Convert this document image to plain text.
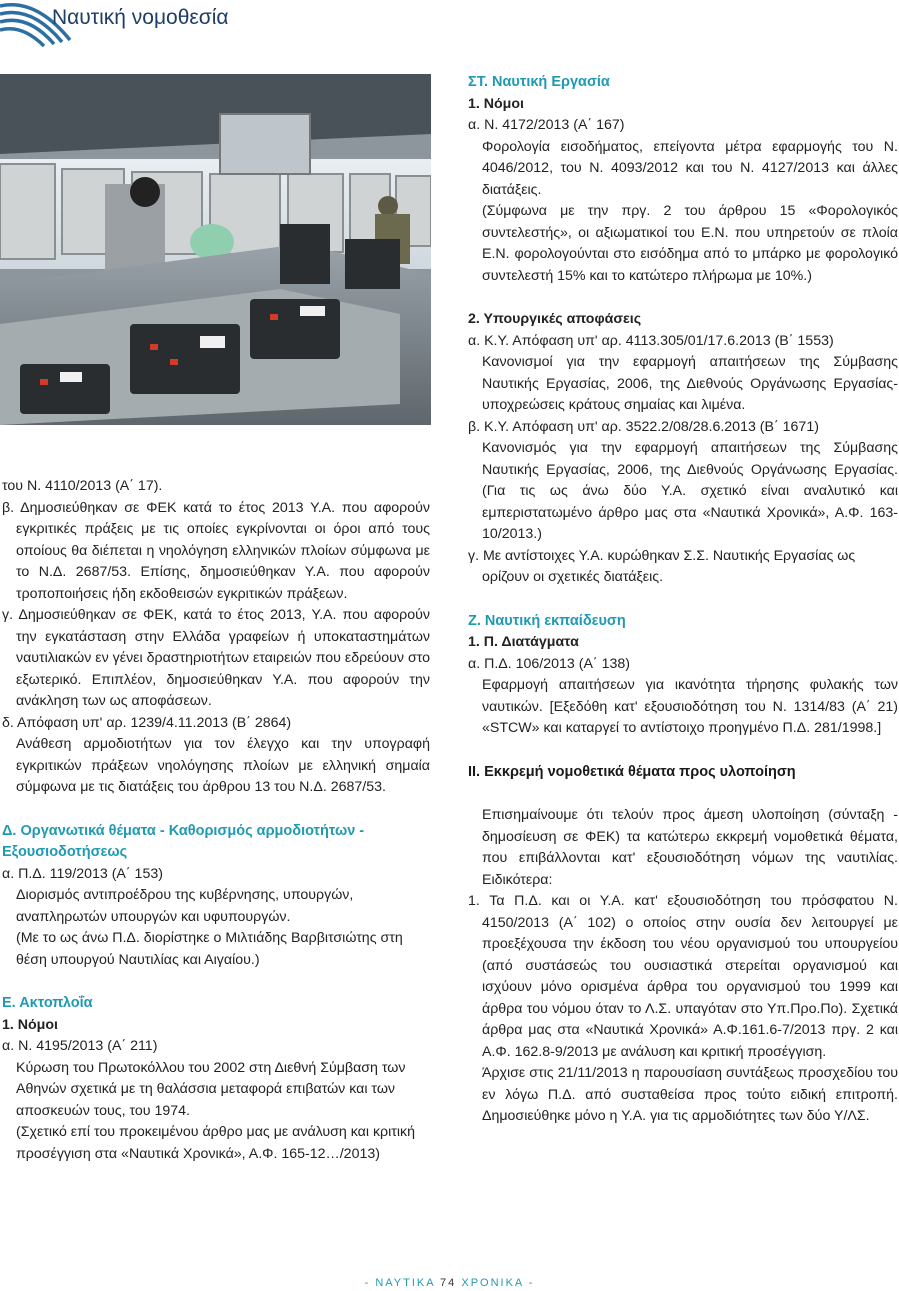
Ναυτική νομοθεσία

του Ν. 4110/2013 (Α΄ 17).

β. Δημοσιεύθηκαν σε ΦΕΚ κατά το έτος 2013 Υ.Α. που αφορούν εγκριτικές πράξεις με τις οποίες εγκρίνονται οι όροι από τους οποίους θα διέπεται η νηολόγηση ελληνικών πλοίων σύμφωνα με το Ν.Δ. 2687/53. Επίσης, δημοσιεύθηκαν Υ.Α. που αφορούν τροποποιήσεις ήδη εκδοθεισών εγκριτικών πράξεων.

γ. Δημοσιεύθηκαν σε ΦΕΚ, κατά το έτος 2013, Υ.Α. που αφορούν την εγκατάσταση στην Ελλάδα γραφείων ή υποκαταστημάτων ναυτιλιακών εν γένει δραστηριοτήτων εταιρειών που εδρεύουν στο εξωτερικό. Επιπλέον, δημοσιεύθηκαν Υ.Α. που αφορούν την ανάκληση των ως αποφάσεων.

δ. Απόφαση υπ' αρ. 1239/4.11.2013 (Β΄ 2864)

Ανάθεση αρμοδιοτήτων για τον έλεγχο και την υπογραφή εγκριτικών πράξεων νηολόγησης πλοίων με ελληνική σημαία σύμφωνα με τις διατάξεις του άρθρου 13 του Ν.Δ. 2687/53.

Δ. Οργανωτικά θέματα - Καθορισμός αρμοδιοτήτων - Εξουσιοδοτήσεως

α. Π.Δ. 119/2013 (Α΄ 153)

Διορισμός αντιπροέδρου της κυβέρνησης, υπουργών, αναπληρωτών υπουργών και υφυπουργών.

(Με το ως άνω Π.Δ. διορίστηκε ο Μιλτιάδης Βαρβιτσιώτης στη θέση υπουργού Ναυτιλίας και Αιγαίου.)

Ε. Ακτοπλοΐα

1. Νόμοι

α. Ν. 4195/2013 (Α΄ 211)

Κύρωση του Πρωτοκόλλου του 2002 στη Διεθνή Σύμβαση των Αθηνών σχετικά με τη θαλάσσια μεταφορά επιβατών και των αποσκευών τους, του 1974.

(Σχετικό επί του προκειμένου άρθρο μας με ανάλυση και κριτική προσέγγιση στα «Ναυτικά Χρονικά», Α.Φ. 165-12…/2013)

ΣΤ. Ναυτική Εργασία

1. Νόμοι

α. Ν. 4172/2013 (Α΄ 167)

Φορολογία εισοδήματος, επείγοντα μέτρα εφαρμογής του Ν. 4046/2012, του Ν. 4093/2012 και του Ν. 4127/2013 και άλλες διατάξεις.

(Σύμφωνα με την πργ. 2 του άρθρου 15 «Φορολογικός συντελεστής», οι αξιωματικοί του Ε.Ν. που υπηρετούν σε πλοία Ε.Ν. φορολογούνται στο εισόδημα από το μπάρκο με φορολογικό συντελεστή 15% και το κατώτερο πλήρωμα με 10%.)

2. Υπουργικές αποφάσεις

α. Κ.Υ. Απόφαση υπ' αρ. 4113.305/01/17.6.2013 (Β΄ 1553)

Κανονισμοί για την εφαρμογή απαιτήσεων της Σύμβασης Ναυτικής Εργασίας, 2006, της Διεθνούς Οργάνωσης Εργασίας- υποχρεώσεις κράτους σημαίας και λιμένα.

β. Κ.Υ. Απόφαση υπ' αρ. 3522.2/08/28.6.2013 (Β΄ 1671)

Κανονισμός για την εφαρμογή απαιτήσεων της Σύμβασης Ναυτικής Εργασίας, 2006, της Διεθνούς Οργάνωσης Εργασίας. (Για τις ως άνω δύο Υ.Α. σχετικό είναι αναλυτικό και εμπεριστατωμένο άρθρο μας στα «Ναυτικά Χρονικά», Α.Φ. 163-10/2013.)

γ. Με αντίστοιχες Υ.Α. κυρώθηκαν Σ.Σ. Ναυτικής Εργασίας ως ορίζουν οι σχετικές διατάξεις.

Ζ. Ναυτική εκπαίδευση

1. Π. Διατάγματα

α. Π.Δ. 106/2013 (Α΄ 138)

Εφαρμογή απαιτήσεων για ικανότητα τήρησης φυλακής των ναυτικών. [Εξεδόθη κατ' εξουσιοδότηση του Ν. 1314/83 (Α΄ 21) «STCW» και καταργεί το αντίστοιχο προηγμένο Π.Δ. 281/1998.]

ΙΙ. Εκκρεμή νομοθετικά θέματα προς υλοποίηση

Επισημαίνουμε ότι τελούν προς άμεση υλοποίηση (σύνταξη - δημοσίευση σε ΦΕΚ) τα κατώτερω εκκρεμή νομοθετικά θέματα, που επιβάλλονται κατ' εξουσιοδότηση νόμων της ναυτιλίας. Ειδικότερα:

1. Τα Π.Δ. και οι Υ.Α. κατ' εξουσιοδότηση του πρόσφατου Ν. 4150/2013 (Α΄ 102) ο οποίος στην ουσία δεν λειτουργεί με προεξέχουσα την έκδοση του νέου οργανισμού του υπουργείου (από συστάσεώς του ουσιαστικά στερείται οργανισμού και ισχύουν μόνο ορισμένα άρθρα του οργανισμού του 1999 και άρθρα του νόμου όταν το Λ.Σ. υπαγόταν στο Υπ.Προ.Πο). Σχετικά άρθρα μας στα «Ναυτικά Χρονικά» Α.Φ.161.6-7/2013 πργ. 2 και Α.Φ. 162.8-9/2013 με ανάλυση και κριτική προσέγγιση.

Άρχισε στις 21/11/2013 η παρουσίαση συντάξεως προσχεδίου του εν λόγω Π.Δ. από συσταθείσα προς τούτο ειδική επιτροπή. Δημοσιεύθηκε μόνο η Υ.Α. για τις αρμοδιότητες των δύο Υ/ΛΣ.

- ΝΑΥΤΙΚΑ 74 ΧΡΟΝΙΚΑ -
